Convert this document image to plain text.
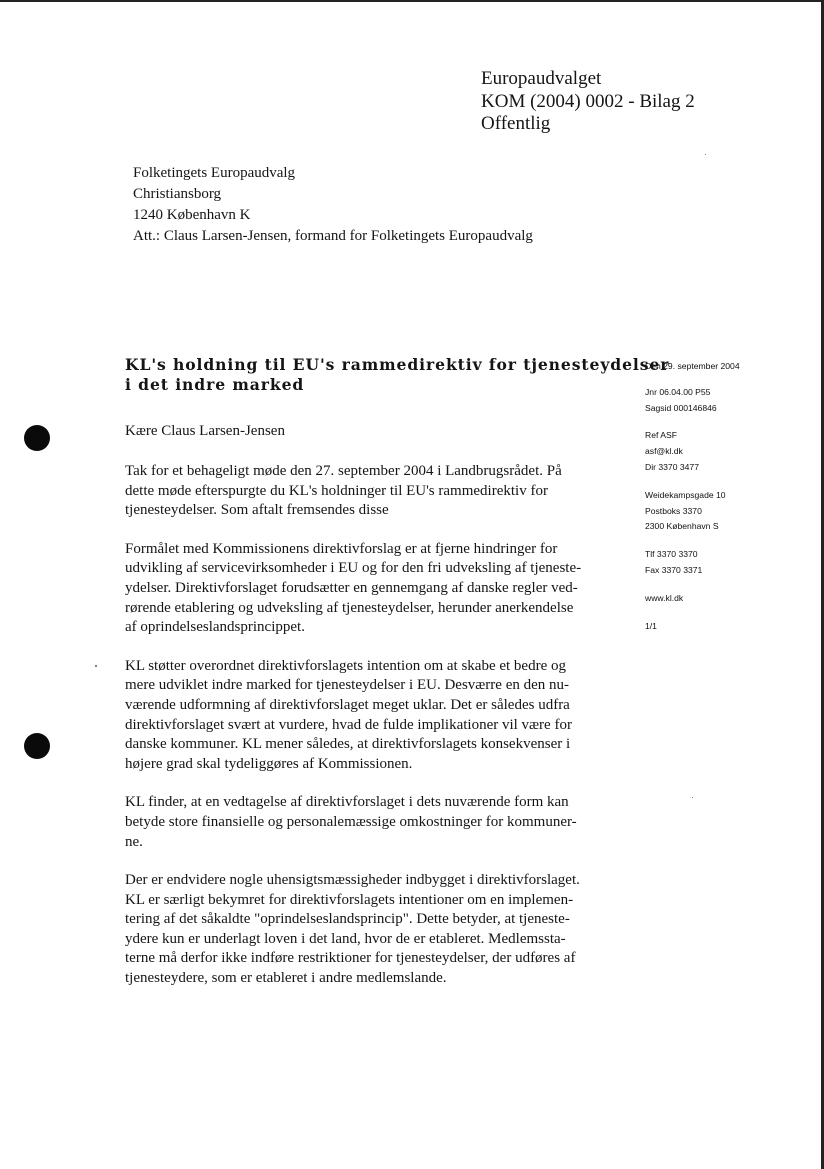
Europaudvalget
KOM (2004) 0002 - Bilag 2
Offentlig
Folketingets Europaudvalg
Christiansborg
1240 København K
Att.: Claus Larsen-Jensen, formand for Folketingets Europaudvalg
KL's holdning til EU's rammedirektiv for tjenesteydelser
i det indre marked
Den 29. september 2004
Jnr 06.04.00 P55
Sagsid 000146846
Ref ASF
asf@kl.dk
Dir 3370 3477
Weidekampsgade 10
Postboks 3370
2300 København S
Tlf 3370 3370
Fax 3370 3371
www.kl.dk
1/1
Kære Claus Larsen-Jensen
Tak for et behageligt møde den 27. september 2004 i Landbrugsrådet. På
dette møde efterspurgte du KL's holdninger til EU's rammedirektiv for
tjenesteydelser. Som aftalt fremsendes disse
Formålet med Kommissionens direktivforslag er at fjerne hindringer for
udvikling af servicevirksomheder i EU og for den fri udveksling af tjeneste-
ydelser. Direktivforslaget forudsætter en gennemgang af danske regler ved-
rørende etablering og udveksling af tjenesteydelser, herunder anerkendelse
af oprindelseslandsprincippet.
KL støtter overordnet direktivforslagets intention om at skabe et bedre og
mere udviklet indre marked for tjenesteydelser i EU. Desværre en den nu-
værende udformning af direktivforslaget meget uklar. Det er således udfra
direktivforslaget svært at vurdere, hvad de fulde implikationer vil være for
danske kommuner. KL mener således, at direktivforslagets konsekvenser i
højere grad skal tydeliggøres af Kommissionen.
KL finder, at en vedtagelse af direktivforslaget i dets nuværende form kan
betyde store finansielle og personalemæssige omkostninger for kommuner-
ne.
Der er endvidere nogle uhensigtsmæssigheder indbygget i direktivforslaget.
KL er særligt bekymret for direktivforslagets intentioner om en implemen-
tering af det såkaldte "oprindelseslandsprincip". Dette betyder, at tjeneste-
ydere kun er underlagt loven i det land, hvor de er etableret. Medlemssta-
terne må derfor ikke indføre restriktioner for tjenesteydelser, der udføres af
tjenesteydere, som er etableret i andre medlemslande.
